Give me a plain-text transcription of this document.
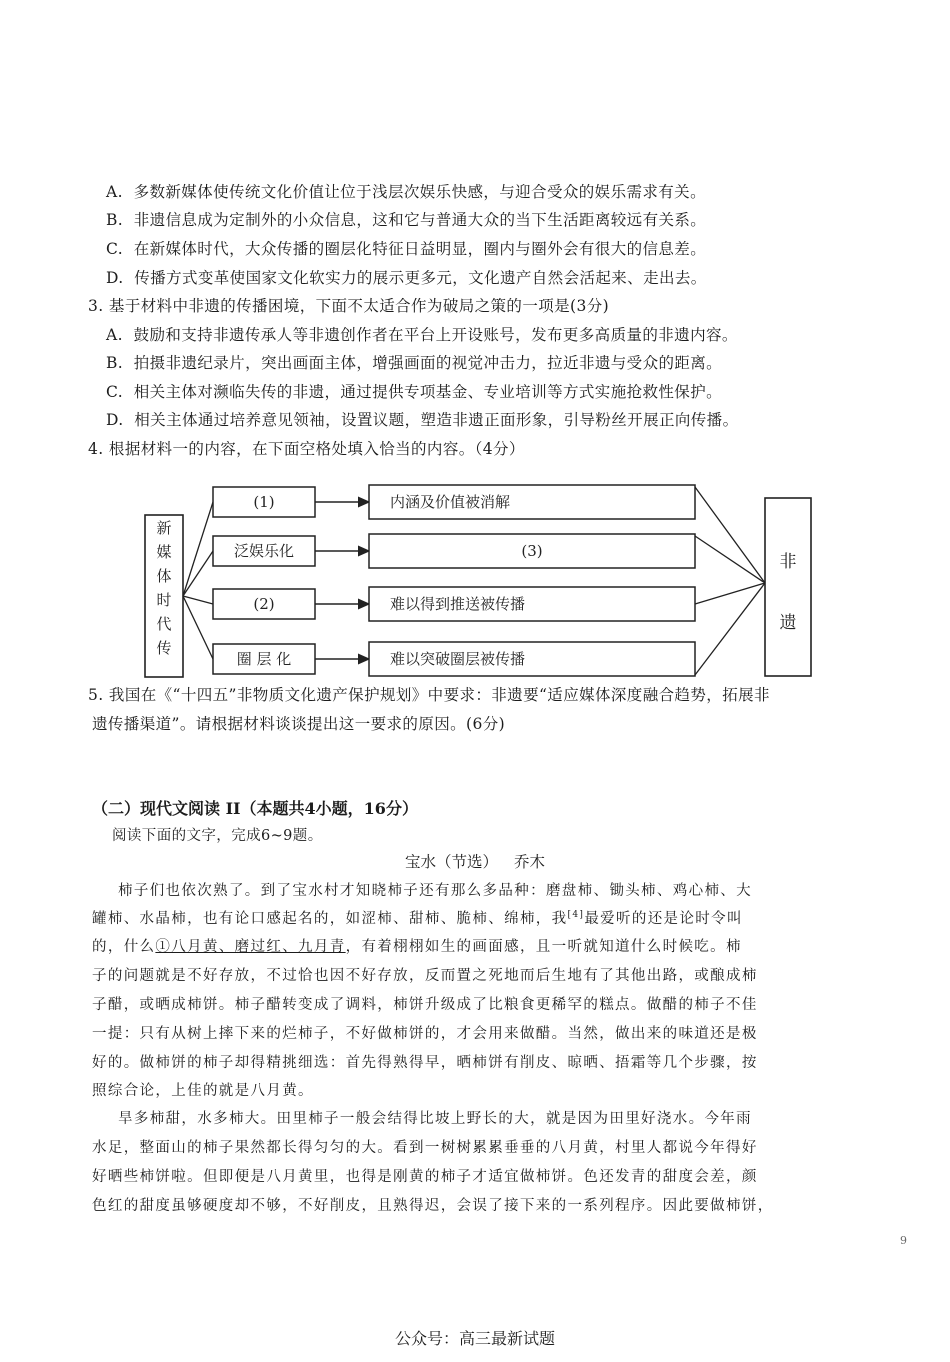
A. 多数新媒体使传统文化价值让位于浅层次娱乐快感，与迎合受众的娱乐需求有关。
B. 非遗信息成为定制外的小众信息，这和它与普通大众的当下生活距离较远有关系。
C. 在新媒体时代，大众传播的圈层化特征日益明显，圈内与圈外会有很大的信息差。
D. 传播方式变革使国家文化软实力的展示更多元，文化遗产自然会活起来、走出去。
3. 基于材料中非遗的传播困境，下面不太适合作为破局之策的一项是(3分)
A. 鼓励和支持非遗传承人等非遗创作者在平台上开设账号，发布更多高质量的非遗内容。
B. 拍摄非遗纪录片，突出画面主体，增强画面的视觉冲击力，拉近非遗与受众的距离。
C. 相关主体对濒临失传的非遗，通过提供专项基金、专业培训等方式实施抢救性保护。
D. 相关主体通过培养意见领袖，设置议题，塑造非遗正面形象，引导粉丝开展正向传播。
4. 根据材料一的内容，在下面空格处填入恰当的内容。（4分）
新
媒
体
时
代
传
(1)
泛娱乐化
(2)
圈 层 化
内涵及价值被消解
(3)
难以得到推送被传播
难以突破圈层被传播
非
遗
5. 我国在《“十四五”非物质文化遗产保护规划》中要求：非遗要“适应媒体深度融合趋势，拓展非
遗传播渠道”。请根据材料谈谈提出这一要求的原因。(6分)
（二）现代文阅读 II（本题共4小题，16分）
阅读下面的文字，完成6~9题。
宝水（节选） 乔木
柿子们也依次熟了。到了宝水村才知晓柿子还有那么多品种：磨盘柿、锄头柿、鸡心柿、大
罐柿、水晶柿，也有论口感起名的，如涩柿、甜柿、脆柿、绵柿，我[4]最爱听的还是论时令叫
的，什么①八月黄、磨过红、九月青，有着栩栩如生的画面感，且一听就知道什么时候吃。柿
子的问题就是不好存放，不过恰也因不好存放，反而置之死地而后生地有了其他出路，或酿成柿
子醋，或晒成柿饼。柿子醋转变成了调料，柿饼升级成了比粮食更稀罕的糕点。做醋的柿子不佳
一提：只有从树上摔下来的烂柿子，不好做柿饼的，才会用来做醋。当然，做出来的味道还是极
好的。做柿饼的柿子却得精挑细选：首先得熟得早，晒柿饼有削皮、晾晒、捂霜等几个步骤，按
照综合论，上佳的就是八月黄。
旱多柿甜，水多柿大。田里柿子一般会结得比坡上野长的大，就是因为田里好浇水。今年雨
水足，整面山的柿子果然都长得匀匀的大。看到一树树累累垂垂的八月黄，村里人都说今年得好
好晒些柿饼啦。但即便是八月黄里，也得是刚黄的柿子才适宜做柿饼。色还发青的甜度会差，颜
色红的甜度虽够硬度却不够，不好削皮，且熟得迟，会误了接下来的一系列程序。因此要做柿饼，
9
公众号：高三最新试题
